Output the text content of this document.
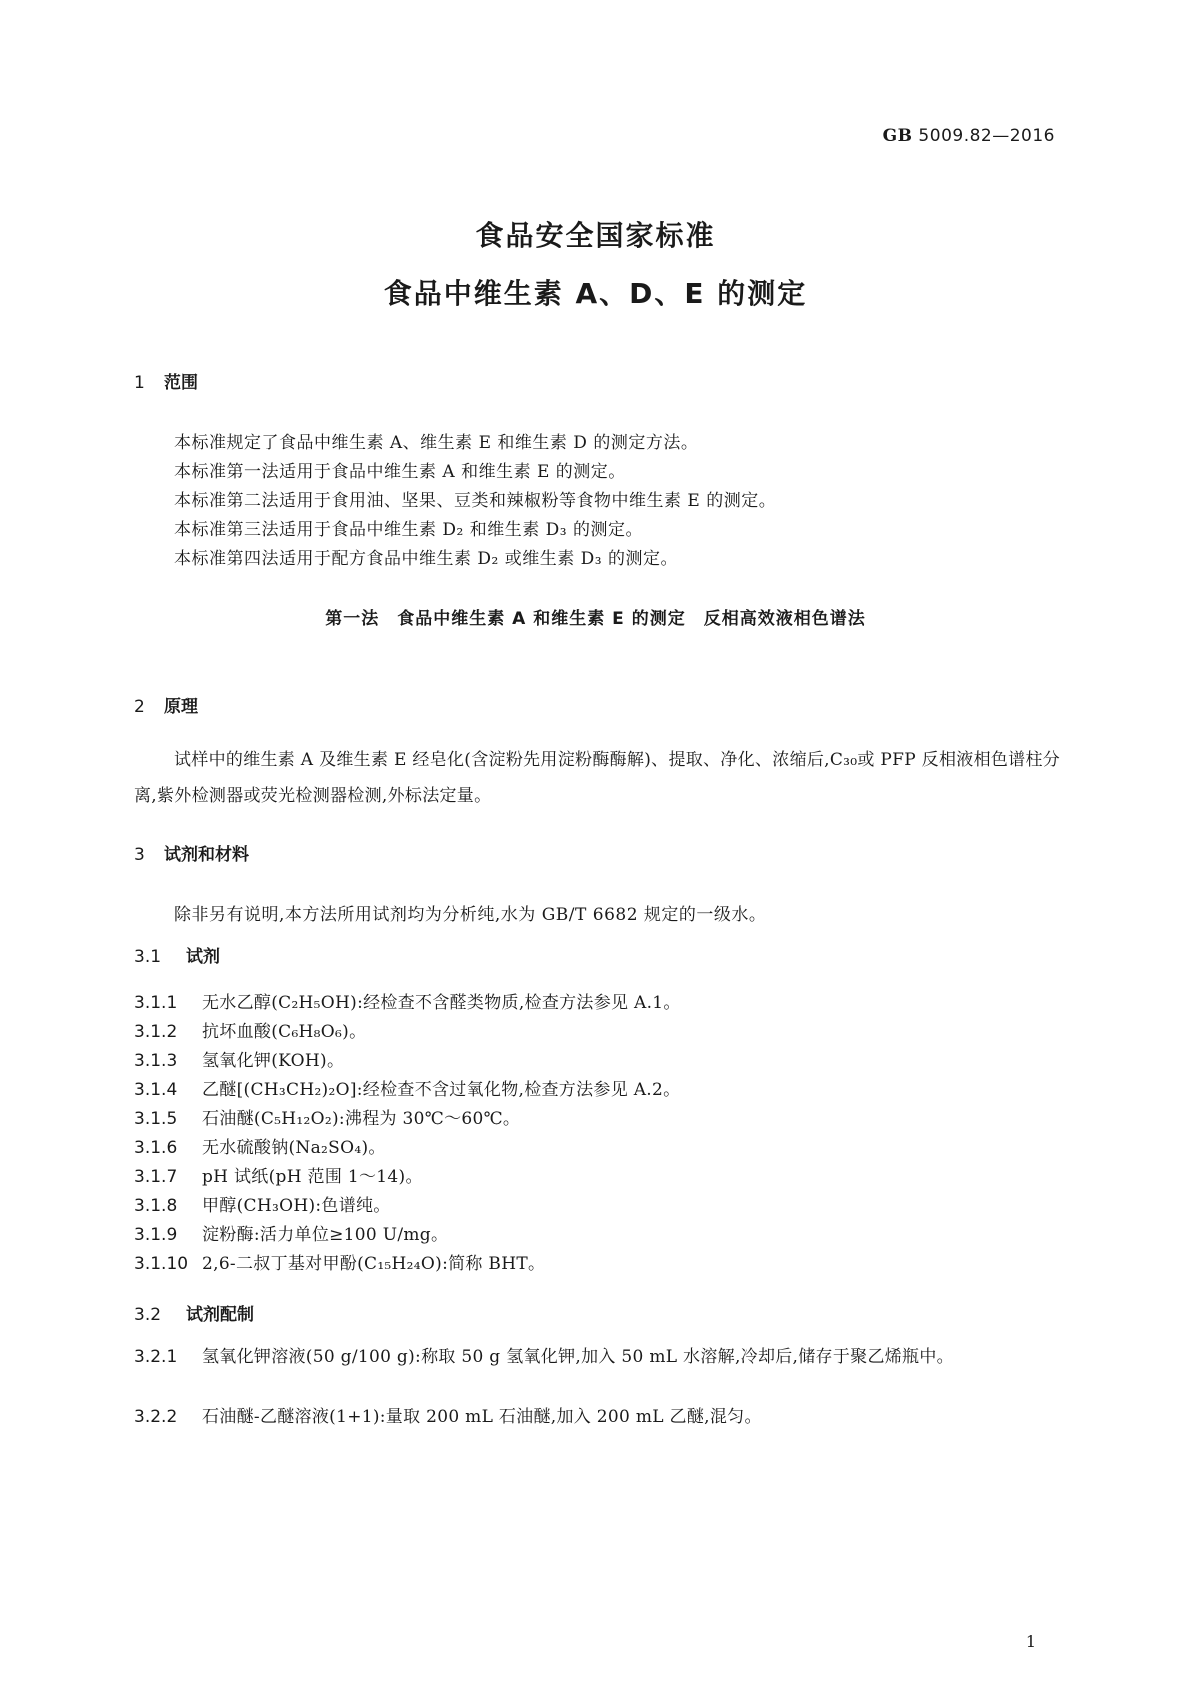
GB 5009.82—2016
食品安全国家标准
食品中维生素 A、D、E 的测定
1 范围
本标准规定了食品中维生素 A、维生素 E 和维生素 D 的测定方法。
本标准第一法适用于食品中维生素 A 和维生素 E 的测定。
本标准第二法适用于食用油、坚果、豆类和辣椒粉等食物中维生素 E 的测定。
本标准第三法适用于食品中维生素 D₂ 和维生素 D₃ 的测定。
本标准第四法适用于配方食品中维生素 D₂ 或维生素 D₃ 的测定。
第一法　食品中维生素 A 和维生素 E 的测定　反相高效液相色谱法
2 原理
试样中的维生素 A 及维生素 E 经皂化(含淀粉先用淀粉酶酶解)、提取、净化、浓缩后,C₃₀或 PFP 反相液相色谱柱分离,紫外检测器或荧光检测器检测,外标法定量。
3 试剂和材料
除非另有说明,本方法所用试剂均为分析纯,水为 GB/T 6682 规定的一级水。
3.1 试剂
3.1.1 无水乙醇(C₂H₅OH):经检查不含醛类物质,检查方法参见 A.1。
3.1.2 抗坏血酸(C₆H₈O₆)。
3.1.3 氢氧化钾(KOH)。
3.1.4 乙醚[(CH₃CH₂)₂O]:经检查不含过氧化物,检查方法参见 A.2。
3.1.5 石油醚(C₅H₁₂O₂):沸程为 30℃～60℃。
3.1.6 无水硫酸钠(Na₂SO₄)。
3.1.7 pH 试纸(pH 范围 1～14)。
3.1.8 甲醇(CH₃OH):色谱纯。
3.1.9 淀粉酶:活力单位≥100 U/mg。
3.1.10 2,6-二叔丁基对甲酚(C₁₅H₂₄O):简称 BHT。
3.2 试剂配制
3.2.1 氢氧化钾溶液(50 g/100 g):称取 50 g 氢氧化钾,加入 50 mL 水溶解,冷却后,储存于聚乙烯瓶中。
3.2.2 石油醚-乙醚溶液(1+1):量取 200 mL 石油醚,加入 200 mL 乙醚,混匀。
1
